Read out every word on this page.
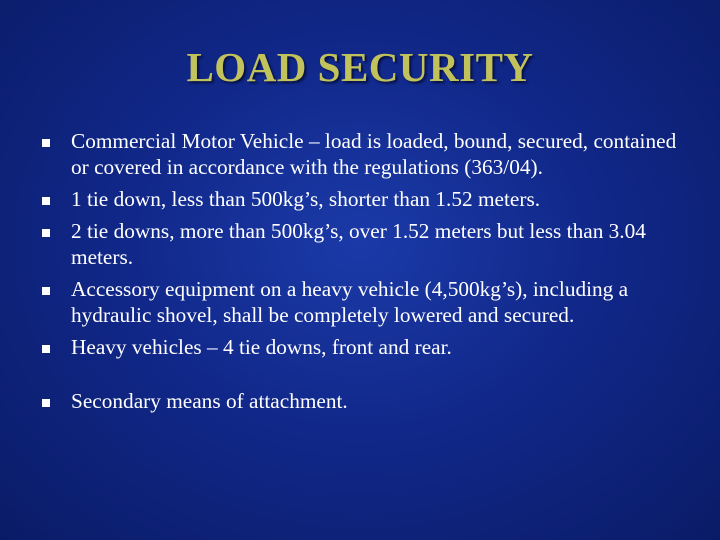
LOAD SECURITY
Commercial Motor Vehicle – load is loaded, bound, secured, contained or covered in accordance with the regulations (363/04).
1 tie down, less than 500kg’s, shorter than 1.52 meters.
2 tie downs, more than 500kg’s, over 1.52 meters but less than 3.04 meters.
Accessory equipment on a heavy vehicle (4,500kg’s), including a hydraulic shovel, shall be completely lowered and secured.
Heavy vehicles – 4 tie downs, front and rear.
Secondary means of attachment.
